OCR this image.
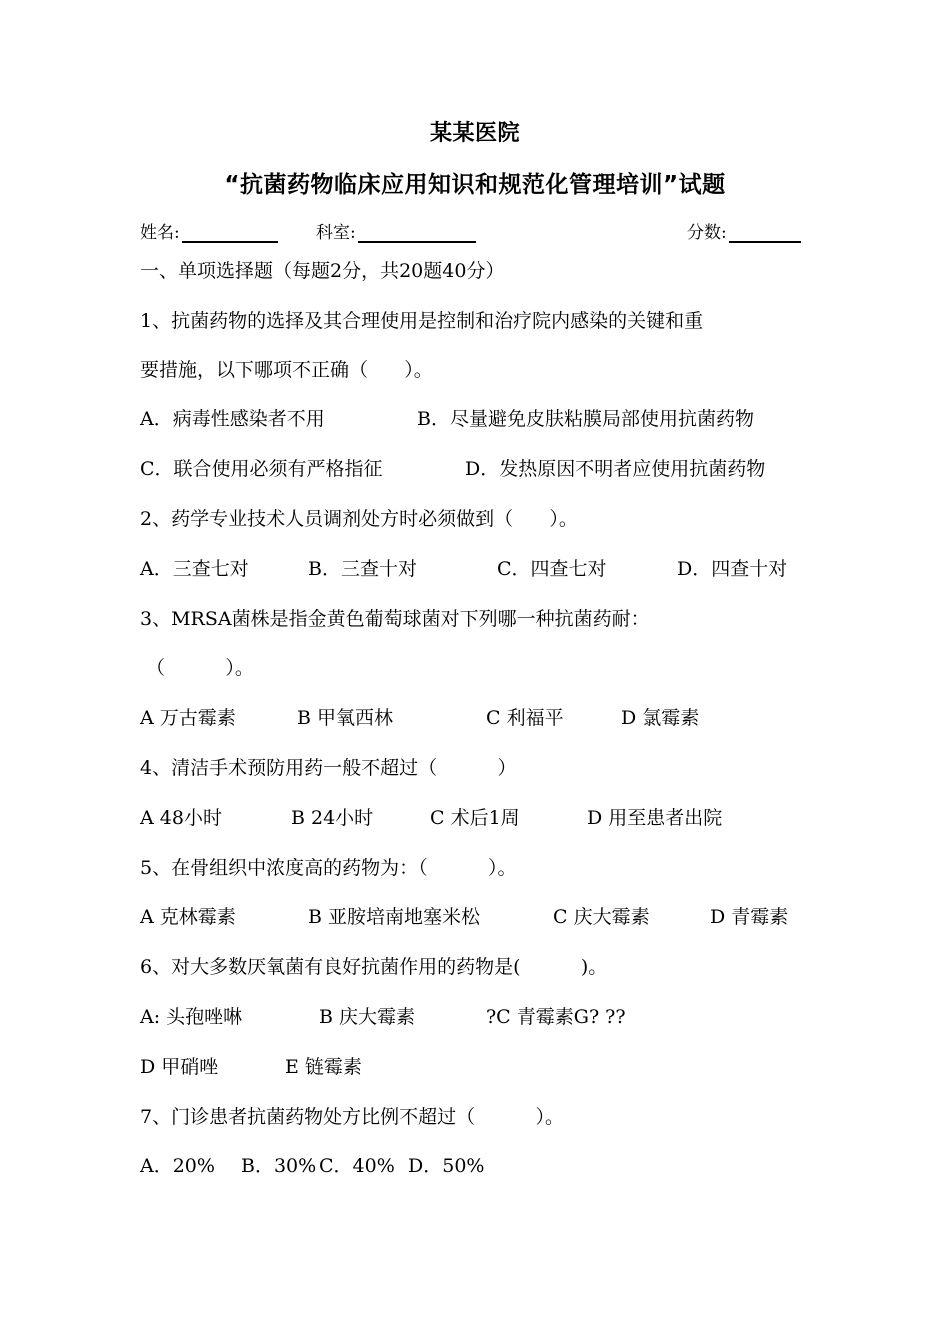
某某医院
“抗菌药物临床应用知识和规范化管理培训”试题
姓名:	科室:	分数:
一、单项选择题（每题2分，共20题40分）
1、抗菌药物的选择及其合理使用是控制和治疗院内感染的关键和重
要措施，以下哪项不正确（      ）。
A．病毒性感染者不用	B．尽量避免皮肤粘膜局部使用抗菌药物
C．联合使用必须有严格指征	D．发热原因不明者应使用抗菌药物
2、药学专业技术人员调剂处方时必须做到（      ）。
A．三查七对	B．三查十对	C．四查七对	D．四查十对
3、MRSA菌株是指金黄色葡萄球菌对下列哪一种抗菌药耐：
（          ）。
A 万古霉素	B 甲氧西林	C 利福平	D 氯霉素
4、清洁手术预防用药一般不超过（          ）
A 48小时	B 24小时	C 术后1周	D 用至患者出院
5、在骨组织中浓度高的药物为：（          ）。
A 克林霉素	B 亚胺培南地塞米松	C 庆大霉素	D 青霉素
6、对大多数厌氧菌有良好抗菌作用的药物是(          )。
A: 头孢唑啉	B 庆大霉素	?C 青霉素G? ??
D 甲硝唑	E 链霉素
7、门诊患者抗菌药物处方比例不超过（          ）。
A．20% B．30% C．40% D．50%
